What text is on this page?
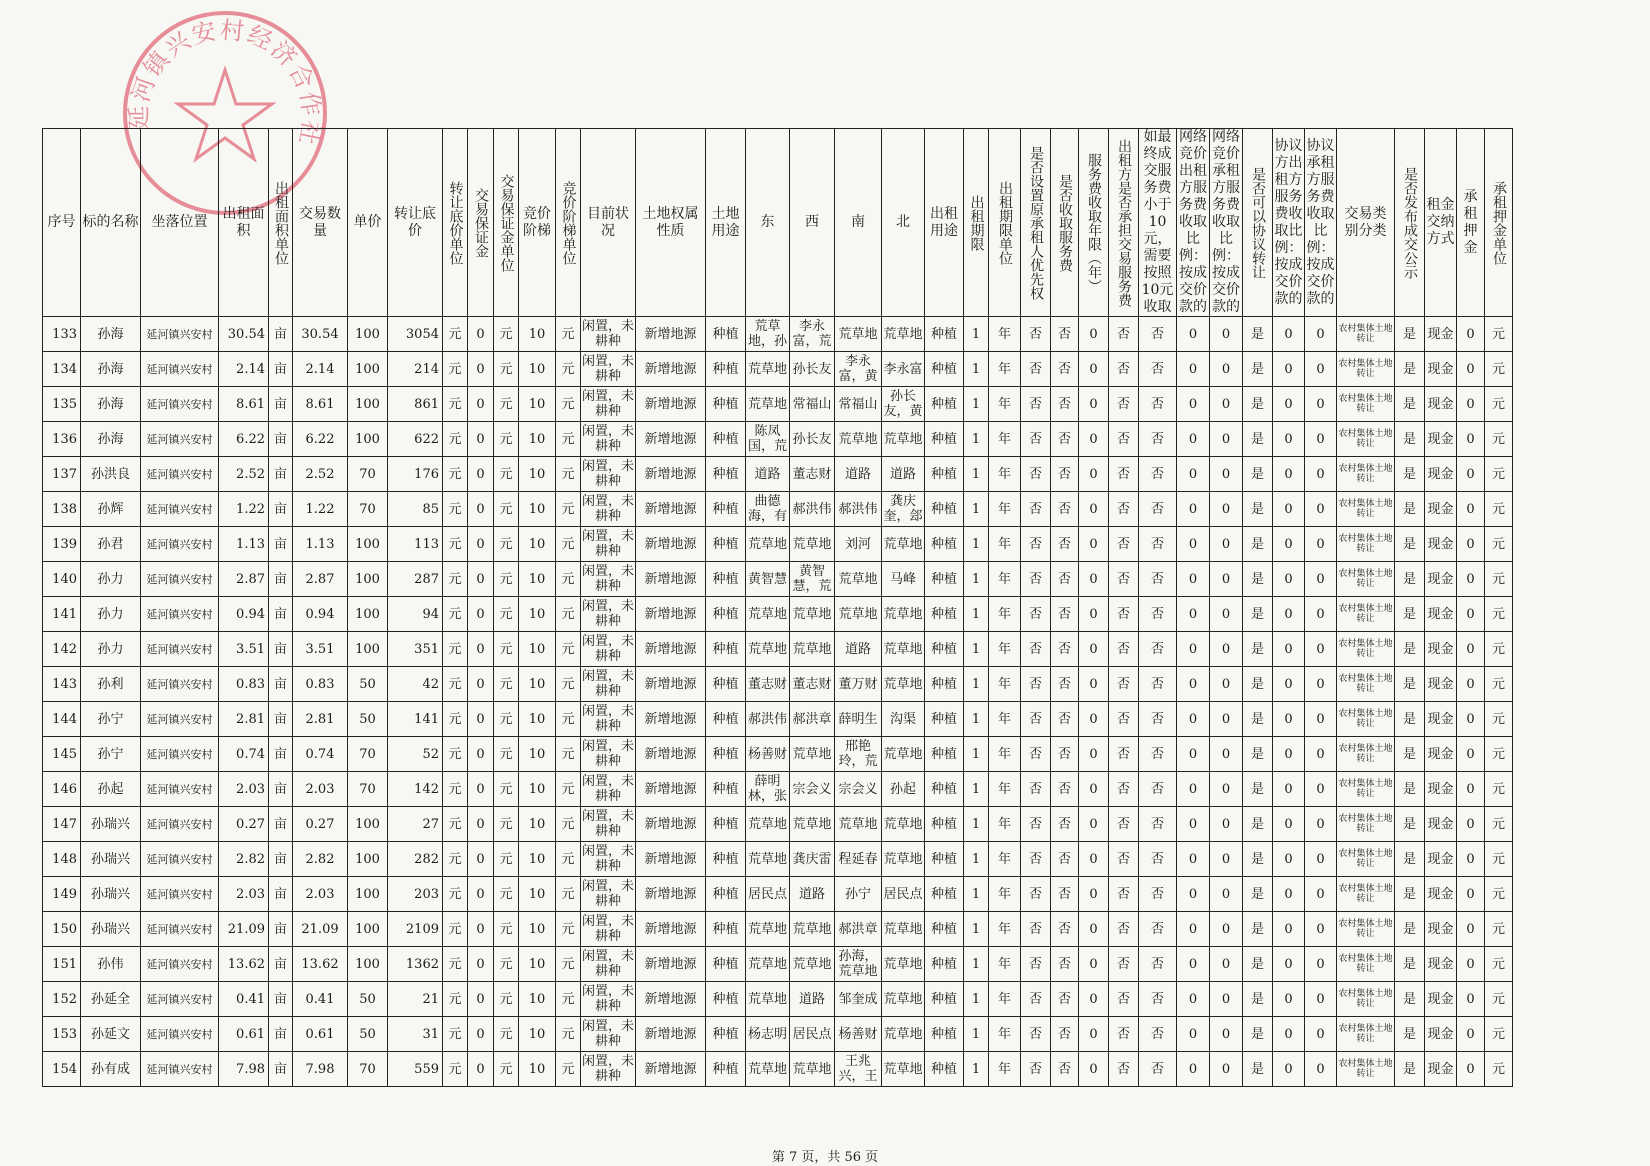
延河镇兴安村经济合作社
序号	标的名称	坐落位置	出租面积	出租面积单位	交易数量	单价	转让底价	转让底价单位	交易保证金	交易保证金单位	竞价阶梯	竞价阶梯单位	目前状况	土地权属性质	土地用途	东	西	南	北	出租用途	出租期限	出租期限单位	是否设置原承租人优先权	是否收取服务费	服务费收取年限（年）	出租方是否承担交易服务费	如最终成交服务费小于10元，需要按照10元收取	网络竞价出租方服务费收取比例：按成交价款的	网络竞价承租方服务费收取比例：按成交价款的	是否可以协议转让	协议方出租方服务费收取比例：按成交价款的	协议承租方服务费收取比例：按成交价款的	交易类别分类	是否发布成交公示	租金交纳方式	承租押金	承租押金单位
133	孙海	延河镇兴安村	30.54	亩	30.54	100	3054	元	0	元	10	元	闲置，未耕种	新增地源	种植	荒草地，孙	李永富，荒	荒草地	荒草地	种植	1	年	否	否	0	否	否	0	0	是	0	0	农村集体土地转让	是	现金	0	元
134	孙海	延河镇兴安村	2.14	亩	2.14	100	214	元	0	元	10	元	闲置，未耕种	新增地源	种植	荒草地	孙长友	李永富，黄	李永富	种植	1	年	否	否	0	否	否	0	0	是	0	0	农村集体土地转让	是	现金	0	元
135	孙海	延河镇兴安村	8.61	亩	8.61	100	861	元	0	元	10	元	闲置，未耕种	新增地源	种植	荒草地	常福山	常福山	孙长友，黄	种植	1	年	否	否	0	否	否	0	0	是	0	0	农村集体土地转让	是	现金	0	元
136	孙海	延河镇兴安村	6.22	亩	6.22	100	622	元	0	元	10	元	闲置，未耕种	新增地源	种植	陈凤国，荒	孙长友	荒草地	荒草地	种植	1	年	否	否	0	否	否	0	0	是	0	0	农村集体土地转让	是	现金	0	元
137	孙洪良	延河镇兴安村	2.52	亩	2.52	70	176	元	0	元	10	元	闲置，未耕种	新增地源	种植	道路	董志财	道路	道路	种植	1	年	否	否	0	否	否	0	0	是	0	0	农村集体土地转让	是	现金	0	元
138	孙辉	延河镇兴安村	1.22	亩	1.22	70	85	元	0	元	10	元	闲置，未耕种	新增地源	种植	曲德海，有	郝洪伟	郝洪伟	龚庆奎，郐	种植	1	年	否	否	0	否	否	0	0	是	0	0	农村集体土地转让	是	现金	0	元
139	孙君	延河镇兴安村	1.13	亩	1.13	100	113	元	0	元	10	元	闲置，未耕种	新增地源	种植	荒草地	荒草地	刘河	荒草地	种植	1	年	否	否	0	否	否	0	0	是	0	0	农村集体土地转让	是	现金	0	元
140	孙力	延河镇兴安村	2.87	亩	2.87	100	287	元	0	元	10	元	闲置，未耕种	新增地源	种植	黄智慧	黄智慧，荒	荒草地	马峰	种植	1	年	否	否	0	否	否	0	0	是	0	0	农村集体土地转让	是	现金	0	元
141	孙力	延河镇兴安村	0.94	亩	0.94	100	94	元	0	元	10	元	闲置，未耕种	新增地源	种植	荒草地	荒草地	荒草地	荒草地	种植	1	年	否	否	0	否	否	0	0	是	0	0	农村集体土地转让	是	现金	0	元
142	孙力	延河镇兴安村	3.51	亩	3.51	100	351	元	0	元	10	元	闲置，未耕种	新增地源	种植	荒草地	荒草地	道路	荒草地	种植	1	年	否	否	0	否	否	0	0	是	0	0	农村集体土地转让	是	现金	0	元
143	孙利	延河镇兴安村	0.83	亩	0.83	50	42	元	0	元	10	元	闲置，未耕种	新增地源	种植	董志财	董志财	董万财	荒草地	种植	1	年	否	否	0	否	否	0	0	是	0	0	农村集体土地转让	是	现金	0	元
144	孙宁	延河镇兴安村	2.81	亩	2.81	50	141	元	0	元	10	元	闲置，未耕种	新增地源	种植	郝洪伟	郝洪章	薛明生	沟渠	种植	1	年	否	否	0	否	否	0	0	是	0	0	农村集体土地转让	是	现金	0	元
145	孙宁	延河镇兴安村	0.74	亩	0.74	70	52	元	0	元	10	元	闲置，未耕种	新增地源	种植	杨善财	荒草地	邢艳玲，荒	荒草地	种植	1	年	否	否	0	否	否	0	0	是	0	0	农村集体土地转让	是	现金	0	元
146	孙起	延河镇兴安村	2.03	亩	2.03	70	142	元	0	元	10	元	闲置，未耕种	新增地源	种植	薛明林，张	宗会义	宗会义	孙起	种植	1	年	否	否	0	否	否	0	0	是	0	0	农村集体土地转让	是	现金	0	元
147	孙瑞兴	延河镇兴安村	0.27	亩	0.27	100	27	元	0	元	10	元	闲置，未耕种	新增地源	种植	荒草地	荒草地	荒草地	荒草地	种植	1	年	否	否	0	否	否	0	0	是	0	0	农村集体土地转让	是	现金	0	元
148	孙瑞兴	延河镇兴安村	2.82	亩	2.82	100	282	元	0	元	10	元	闲置，未耕种	新增地源	种植	荒草地	龚庆雷	程延春	荒草地	种植	1	年	否	否	0	否	否	0	0	是	0	0	农村集体土地转让	是	现金	0	元
149	孙瑞兴	延河镇兴安村	2.03	亩	2.03	100	203	元	0	元	10	元	闲置，未耕种	新增地源	种植	居民点	道路	孙宁	居民点	种植	1	年	否	否	0	否	否	0	0	是	0	0	农村集体土地转让	是	现金	0	元
150	孙瑞兴	延河镇兴安村	21.09	亩	21.09	100	2109	元	0	元	10	元	闲置，未耕种	新增地源	种植	荒草地	荒草地	郝洪章	荒草地	种植	1	年	否	否	0	否	否	0	0	是	0	0	农村集体土地转让	是	现金	0	元
151	孙伟	延河镇兴安村	13.62	亩	13.62	100	1362	元	0	元	10	元	闲置，未耕种	新增地源	种植	荒草地	荒草地	孙海，荒草地	荒草地	种植	1	年	否	否	0	否	否	0	0	是	0	0	农村集体土地转让	是	现金	0	元
152	孙延全	延河镇兴安村	0.41	亩	0.41	50	21	元	0	元	10	元	闲置，未耕种	新增地源	种植	荒草地	道路	邹奎成	荒草地	种植	1	年	否	否	0	否	否	0	0	是	0	0	农村集体土地转让	是	现金	0	元
153	孙延文	延河镇兴安村	0.61	亩	0.61	50	31	元	0	元	10	元	闲置，未耕种	新增地源	种植	杨志明	居民点	杨善财	荒草地	种植	1	年	否	否	0	否	否	0	0	是	0	0	农村集体土地转让	是	现金	0	元
154	孙有成	延河镇兴安村	7.98	亩	7.98	70	559	元	0	元	10	元	闲置，未耕种	新增地源	种植	荒草地	荒草地	王兆兴，王	荒草地	种植	1	年	否	否	0	否	否	0	0	是	0	0	农村集体土地转让	是	现金	0	元
第 7 页，共 56 页
